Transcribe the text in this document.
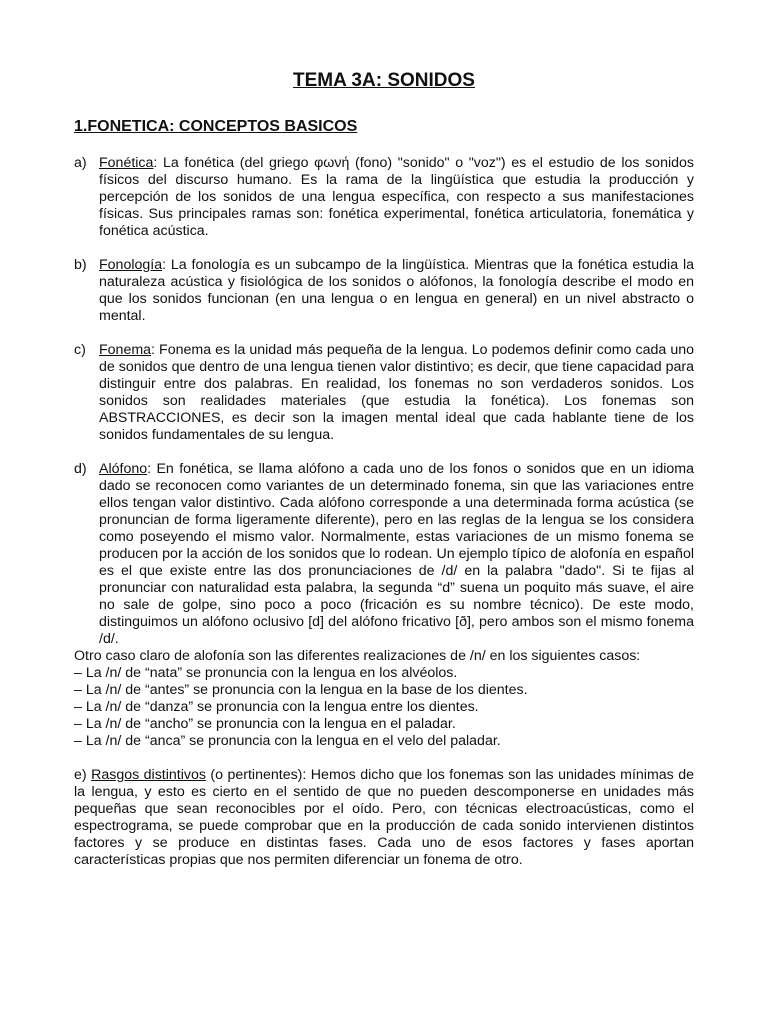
TEMA 3A: SONIDOS
1.FONETICA: CONCEPTOS BASICOS
a) Fonética: La fonética (del griego φωνή (fono) "sonido" o "voz") es el estudio de los sonidos físicos del discurso humano. Es la rama de la lingüística que estudia la producción y percepción de los sonidos de una lengua específica, con respecto a sus manifestaciones físicas. Sus principales ramas son: fonética experimental, fonética articulatoria, fonemática y fonética acústica.

b) Fonología: La fonología es un subcampo de la lingüística. Mientras que la fonética estudia la naturaleza acústica y fisiológica de los sonidos o alófonos, la fonología describe el modo en que los sonidos funcionan (en una lengua o en lengua en general) en un nivel abstracto o mental.

c) Fonema: Fonema es la unidad más pequeña de la lengua. Lo podemos definir como cada uno de sonidos que dentro de una lengua tienen valor distintivo; es decir, que tiene capacidad para distinguir entre dos palabras. En realidad, los fonemas no son verdaderos sonidos. Los sonidos son realidades materiales (que estudia la fonética). Los fonemas son ABSTRACCIONES, es decir son la imagen mental ideal que cada hablante tiene de los sonidos fundamentales de su lengua.

d) Alófono: En fonética, se llama alófono a cada uno de los fonos o sonidos que en un idioma dado se reconocen como variantes de un determinado fonema, sin que las variaciones entre ellos tengan valor distintivo. Cada alófono corresponde a una determinada forma acústica (se pronuncian de forma ligeramente diferente), pero en las reglas de la lengua se los considera como poseyendo el mismo valor. Normalmente, estas variaciones de un mismo fonema se producen por la acción de los sonidos que lo rodean. Un ejemplo típico de alofonía en español es el que existe entre las dos pronunciaciones de /d/ en la palabra "dado". Si te fijas al pronunciar con naturalidad esta palabra, la segunda “d” suena un poquito más suave, el aire no sale de golpe, sino poco a poco (fricación es su nombre técnico). De este modo, distinguimos un alófono oclusivo [d] del alófono fricativo [ð], pero ambos son el mismo fonema /d/.

Otro caso claro de alofonía son las diferentes realizaciones de /n/ en los siguientes casos:

– La /n/ de “nata” se pronuncia con la lengua en los alvéolos.
– La /n/ de “antes” se pronuncia con la lengua en la base de los dientes.
– La /n/ de “danza” se pronuncia con la lengua entre los dientes.
– La /n/ de “ancho” se pronuncia con la lengua en el paladar.
– La /n/ de “anca” se pronuncia con la lengua en el velo del paladar.

e) Rasgos distintivos (o pertinentes): Hemos dicho que los fonemas son las unidades mínimas de la lengua, y esto es cierto en el sentido de que no pueden descomponerse en unidades más pequeñas que sean reconocibles por el oído. Pero, con técnicas electroacústicas, como el espectrograma, se puede comprobar que en la producción de cada sonido intervienen distintos factores y se produce en distintas fases. Cada uno de esos factores y fases aportan características propias que nos permiten diferenciar un fonema de otro.
